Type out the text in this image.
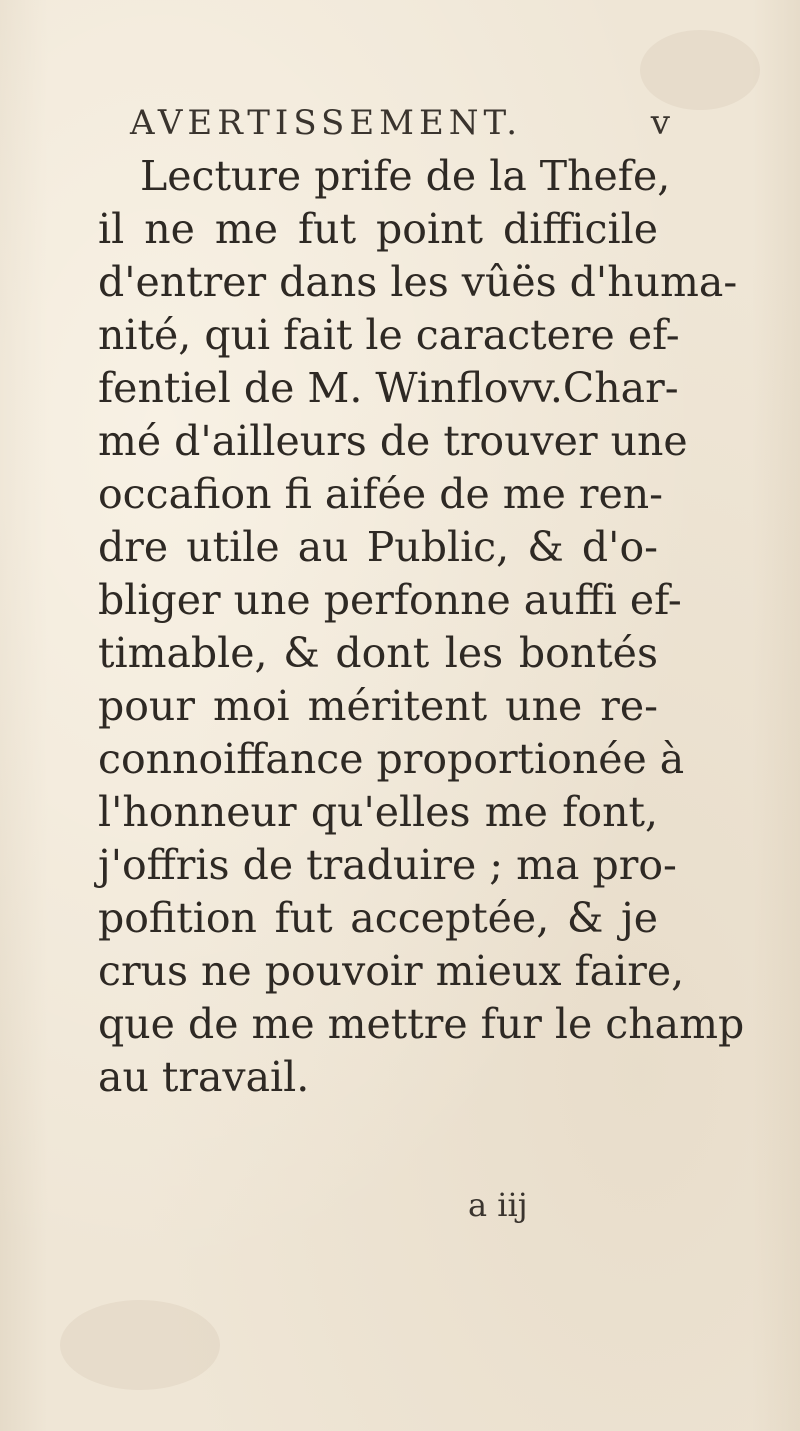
AVERTISSEMENT.	v
Lecture prife de la Thefe,
il ne me fut point difficile
d'entrer dans les vûës d'huma-
nité, qui fait le caractere ef-
fentiel de M. Winflovv.Char-
mé d'ailleurs de trouver une
occafion fi aifée de me ren-
dre utile au Public, & d'o-
bliger une perfonne auffi ef-
timable, & dont les bontés
pour moi méritent une re-
connoiffance proportionée à
l'honneur qu'elles me font,
j'offris de traduire ; ma pro-
pofition fut acceptée, & je
crus ne pouvoir mieux faire,
que de me mettre fur le champ
au travail.
a iij
